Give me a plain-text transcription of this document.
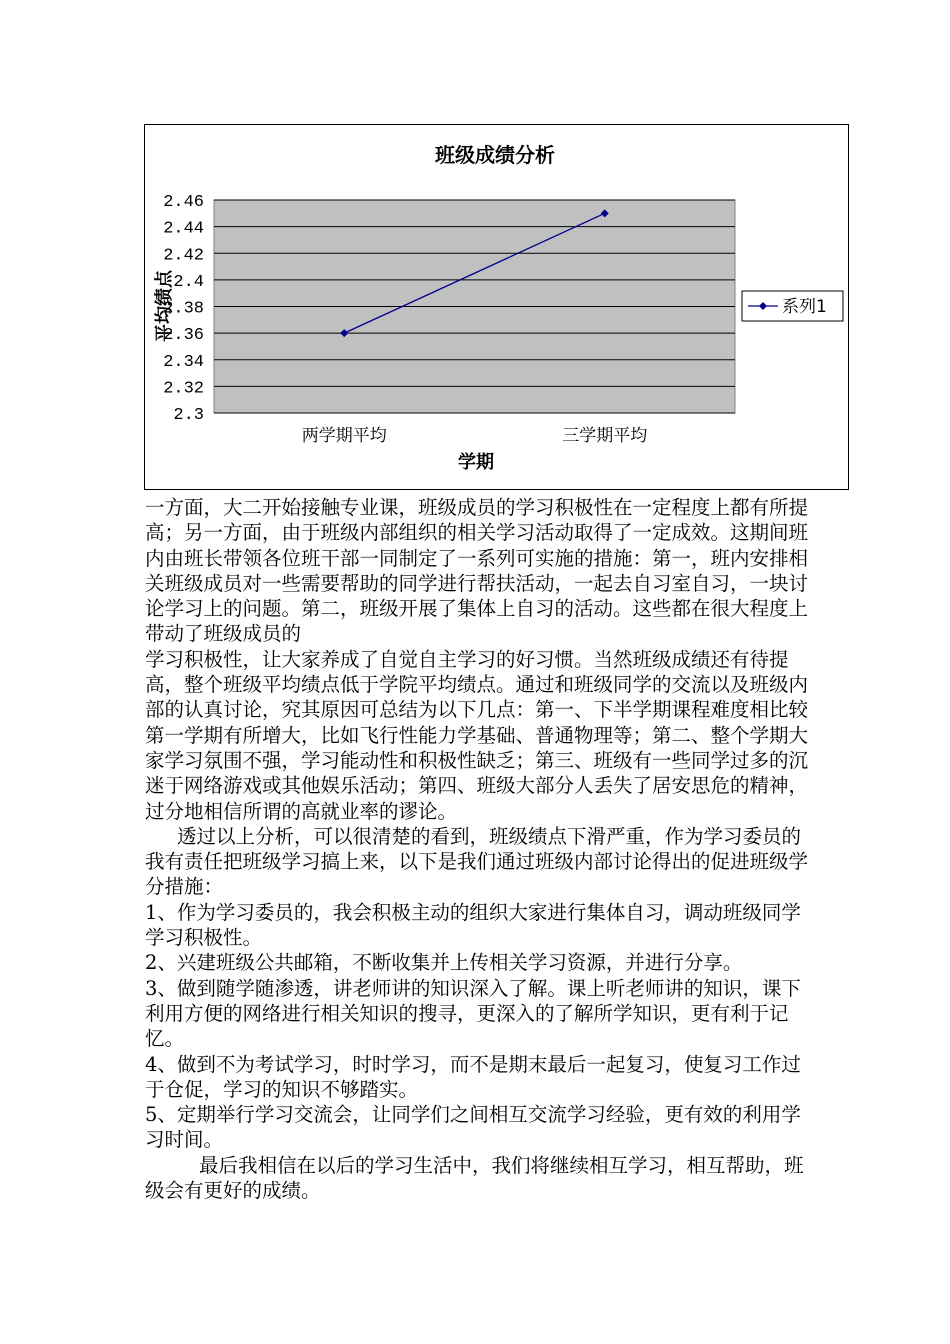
2.46
2.44
2.42
2.4
2.38
2.36
2.34
2.32
2.3
两学期平均	三学期平均
班级成绩分析
学期
平均绩点	系列1

一方面，大二开始接触专业课，班级成员的学习积极性在一定程度上都有所提高；另一方面，由于班级内部组织的相关学习活动取得了一定成效。这期间班内由班长带领各位班干部一同制定了一系列可实施的措施：第一，班内安排相关班级成员对一些需要帮助的同学进行帮扶活动，一起去自习室自习，一块讨论学习上的问题。第二，班级开展了集体上自习的活动。这些都在很大程度上带动了班级成员的

学习积极性，让大家养成了自觉自主学习的好习惯。当然班级成绩还有待提高，整个班级平均绩点低于学院平均绩点。通过和班级同学的交流以及班级内部的认真讨论，究其原因可总结为以下几点：第一、下半学期课程难度相比较第一学期有所增大，比如飞行性能力学基础、普通物理等；第二、整个学期大家学习氛围不强，学习能动性和积极性缺乏；第三、班级有一些同学过多的沉迷于网络游戏或其他娱乐活动；第四、班级大部分人丢失了居安思危的精神，过分地相信所谓的高就业率的谬论。

透过以上分析，可以很清楚的看到，班级绩点下滑严重，作为学习委员的我有责任把班级学习搞上来，以下是我们通过班级内部讨论得出的促进班级学分措施：

1、作为学习委员的，我会积极主动的组织大家进行集体自习，调动班级同学学习积极性。

2、兴建班级公共邮箱，不断收集并上传相关学习资源，并进行分享。

3、做到随学随渗透，讲老师讲的知识深入了解。课上听老师讲的知识，课下利用方便的网络进行相关知识的搜寻，更深入的了解所学知识，更有利于记忆。

4、做到不为考试学习，时时学习，而不是期末最后一起复习，使复习工作过于仓促，学习的知识不够踏实。

5、定期举行学习交流会，让同学们之间相互交流学习经验，更有效的利用学习时间。

最后我相信在以后的学习生活中，我们将继续相互学习，相互帮助，班级会有更好的成绩。
